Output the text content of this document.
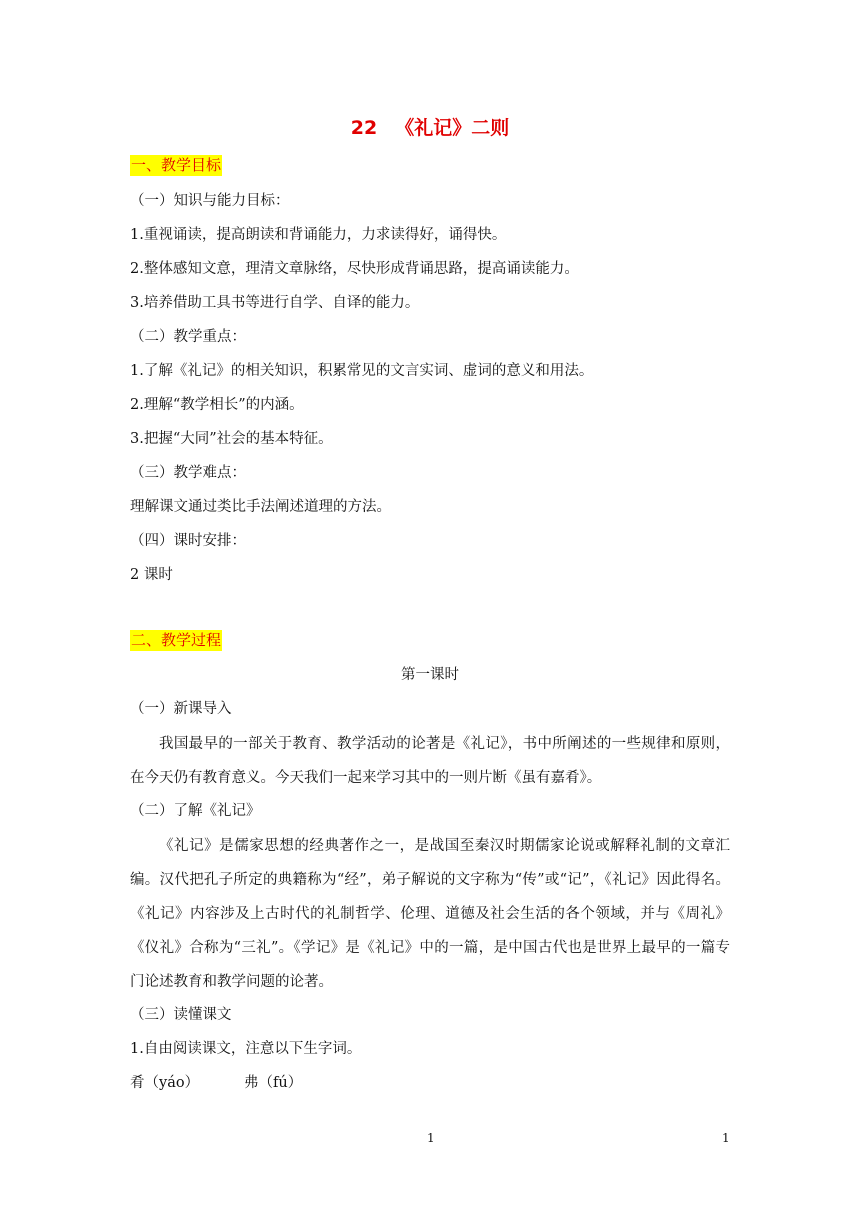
22 《礼记》二则
一、教学目标
（一）知识与能力目标：
1.重视诵读，提高朗读和背诵能力，力求读得好，诵得快。
2.整体感知文意，理清文章脉络，尽快形成背诵思路，提高诵读能力。
3.培养借助工具书等进行自学、自译的能力。
（二）教学重点：
1.了解《礼记》的相关知识，积累常见的文言实词、虚词的意义和用法。
2.理解“教学相长”的内涵。
3.把握“大同”社会的基本特征。
（三）教学难点：
理解课文通过类比手法阐述道理的方法。
（四）课时安排：
2 课时
二、教学过程
第一课时
（一）新课导入

我国最早的一部关于教育、教学活动的论著是《礼记》，书中所阐述的一些规律和原则，在今天仍有教育意义。今天我们一起来学习其中的一则片断《虽有嘉肴》。

（二）了解《礼记》

《礼记》是儒家思想的经典著作之一，是战国至秦汉时期儒家论说或解释礼制的文章汇编。汉代把孔子所定的典籍称为“经”，弟子解说的文字称为“传”或“记”，《礼记》因此得名。《礼记》内容涉及上古时代的礼制哲学、伦理、道德及社会生活的各个领域，并与《周礼》《仪礼》合称为“三礼”。《学记》是《礼记》中的一篇，是中国古代也是世界上最早的一篇专门论述教育和教学问题的论著。

（三）读懂课文
1.自由阅读课文，注意以下生字词。
肴（yáo）	弗（fú）
1	1
